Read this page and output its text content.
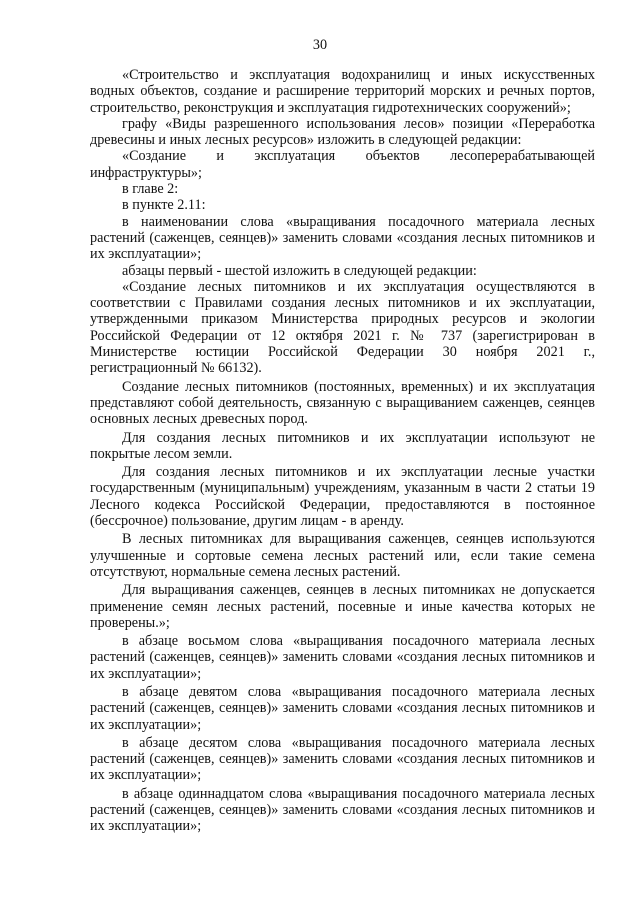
30

«Строительство и эксплуатация водохранилищ и иных искусственных водных объектов, создание и расширение территорий морских и речных портов, строительство, реконструкция и эксплуатация гидротехнических сооружений»;

графу «Виды разрешенного использования лесов» позиции «Переработка древесины и иных лесных ресурсов» изложить в следующей редакции:

«Создание и эксплуатация объектов лесоперерабатывающей инфраструктуры»;

в главе 2:

в пункте 2.11:

в наименовании слова «выращивания посадочного материала лесных растений (саженцев, сеянцев)» заменить словами «создания лесных питомников и их эксплуатации»;

абзацы первый - шестой изложить в следующей редакции:

«Создание лесных питомников и их эксплуатация осуществляются в соответствии с Правилами создания лесных питомников и их эксплуатации, утвержденными приказом Министерства природных ресурсов и экологии Российской Федерации от 12 октября 2021 г. № 737 (зарегистрирован в Министерстве юстиции Российской Федерации 30 ноября 2021 г., регистрационный № 66132).

Создание лесных питомников (постоянных, временных) и их эксплуатация представляют собой деятельность, связанную с выращиванием саженцев, сеянцев основных лесных древесных пород.

Для создания лесных питомников и их эксплуатации используют не покрытые лесом земли.

Для создания лесных питомников и их эксплуатации лесные участки государственным (муниципальным) учреждениям, указанным в части 2 статьи 19 Лесного кодекса Российской Федерации, предоставляются в постоянное (бессрочное) пользование, другим лицам - в аренду.

В лесных питомниках для выращивания саженцев, сеянцев используются улучшенные и сортовые семена лесных растений или, если такие семена отсутствуют, нормальные семена лесных растений.

Для выращивания саженцев, сеянцев в лесных питомниках не допускается применение семян лесных растений, посевные и иные качества которых не проверены.»;

в абзаце восьмом слова «выращивания посадочного материала лесных растений (саженцев, сеянцев)» заменить словами «создания лесных питомников и их эксплуатации»;

в абзаце девятом слова «выращивания посадочного материала лесных растений (саженцев, сеянцев)» заменить словами «создания лесных питомников и их эксплуатации»;

в абзаце десятом слова «выращивания посадочного материала лесных растений (саженцев, сеянцев)» заменить словами «создания лесных питомников и их эксплуатации»;

в абзаце одиннадцатом слова «выращивания посадочного материала лесных растений (саженцев, сеянцев)» заменить словами «создания лесных питомников и их эксплуатации»;
